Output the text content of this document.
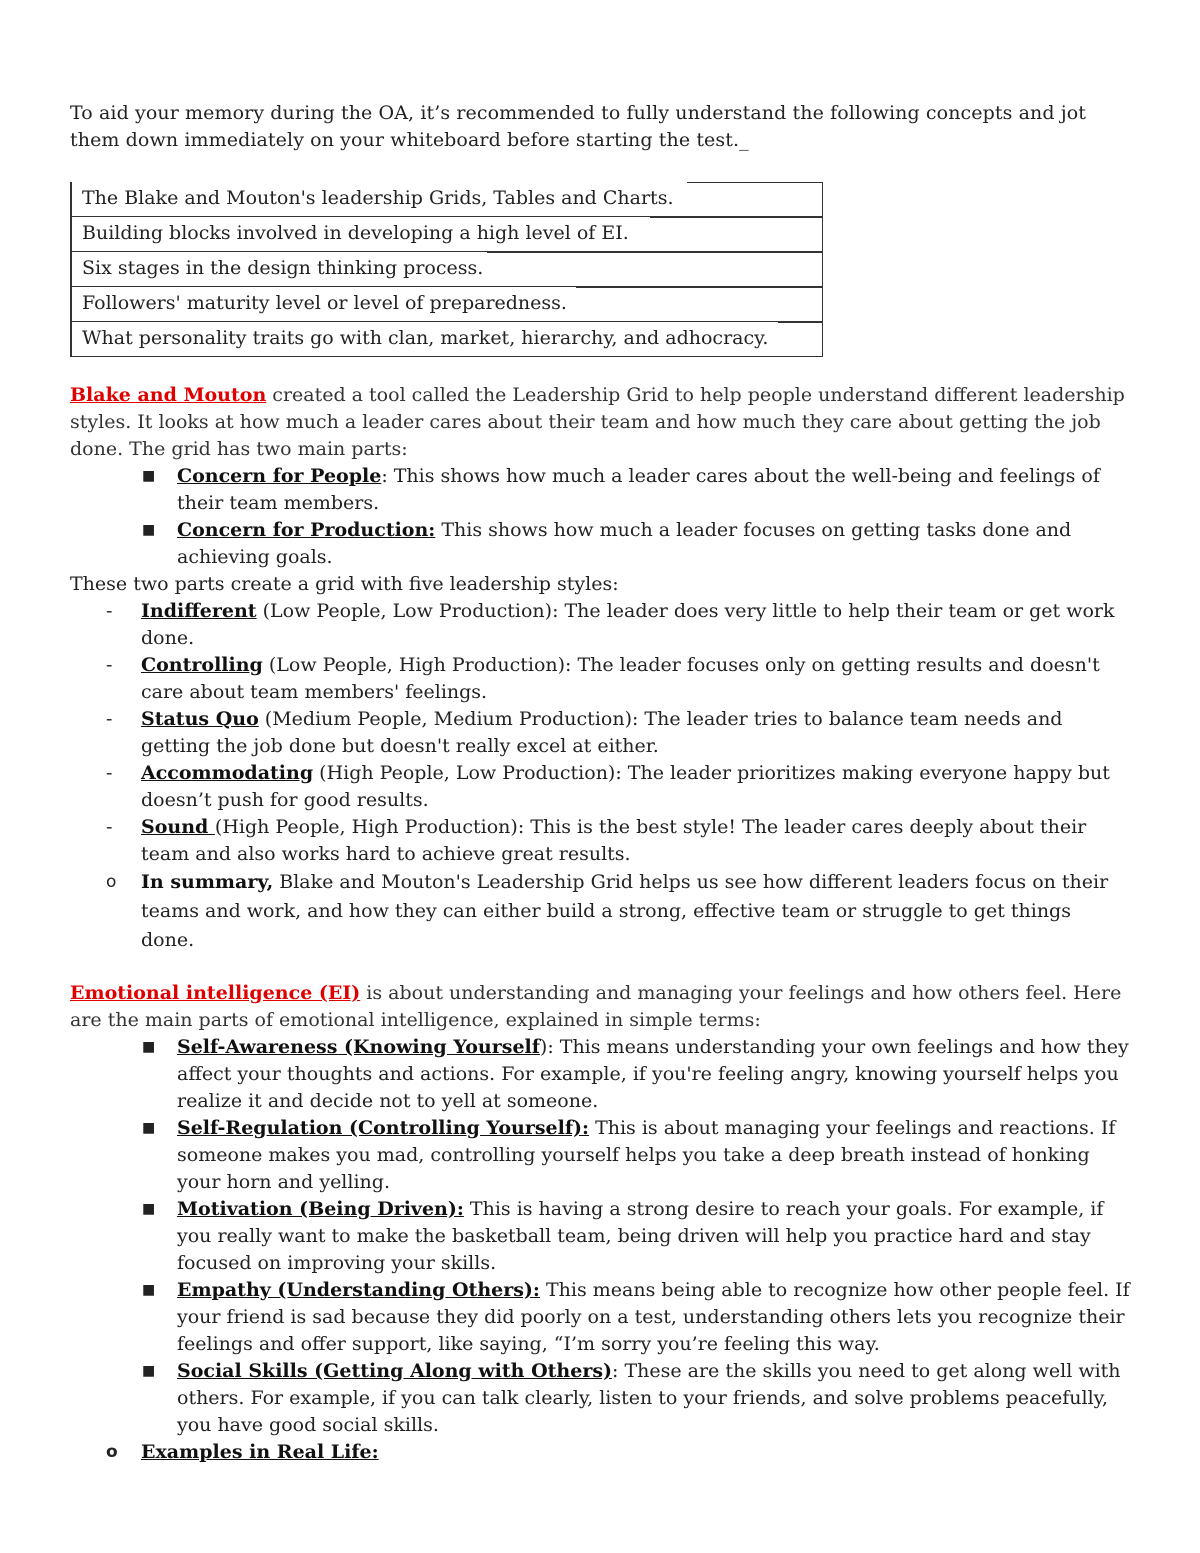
To aid your memory during the OA, it’s recommended to fully understand the following concepts and jot them down immediately on your whiteboard before starting the test._
The Blake and Mouton's leadership Grids, Tables and Charts.
Building blocks involved in developing a high level of EI.
Six stages in the design thinking process.
Followers' maturity level or level of preparedness.
What personality traits go with clan, market, hierarchy, and adhocracy.
Blake and Mouton created a tool called the Leadership Grid to help people understand different leadership styles. It looks at how much a leader cares about their team and how much they care about getting the job done. The grid has two main parts:
■ Concern for People: This shows how much a leader cares about the well-being and feelings of their team members.
■ Concern for Production: This shows how much a leader focuses on getting tasks done and achieving goals.
These two parts create a grid with five leadership styles:
- Indifferent (Low People, Low Production): The leader does very little to help their team or get work done.
- Controlling (Low People, High Production): The leader focuses only on getting results and doesn't care about team members' feelings.
- Status Quo (Medium People, Medium Production): The leader tries to balance team needs and getting the job done but doesn't really excel at either.
- Accommodating (High People, Low Production): The leader prioritizes making everyone happy but doesn’t push for good results.
- Sound (High People, High Production): This is the best style! The leader cares deeply about their team and also works hard to achieve great results.
o In summary, Blake and Mouton's Leadership Grid helps us see how different leaders focus on their teams and work, and how they can either build a strong, effective team or struggle to get things done.
Emotional intelligence (EI) is about understanding and managing your feelings and how others feel. Here are the main parts of emotional intelligence, explained in simple terms:
■ Self-Awareness (Knowing Yourself): This means understanding your own feelings and how they affect your thoughts and actions. For example, if you're feeling angry, knowing yourself helps you realize it and decide not to yell at someone.
■ Self-Regulation (Controlling Yourself): This is about managing your feelings and reactions. If someone makes you mad, controlling yourself helps you take a deep breath instead of honking your horn and yelling.
■ Motivation (Being Driven): This is having a strong desire to reach your goals. For example, if you really want to make the basketball team, being driven will help you practice hard and stay focused on improving your skills.
■ Empathy (Understanding Others): This means being able to recognize how other people feel. If your friend is sad because they did poorly on a test, understanding others lets you recognize their feelings and offer support, like saying, “I’m sorry you’re feeling this way.
■ Social Skills (Getting Along with Others): These are the skills you need to get along well with others. For example, if you can talk clearly, listen to your friends, and solve problems peacefully, you have good social skills.
o Examples in Real Life:
